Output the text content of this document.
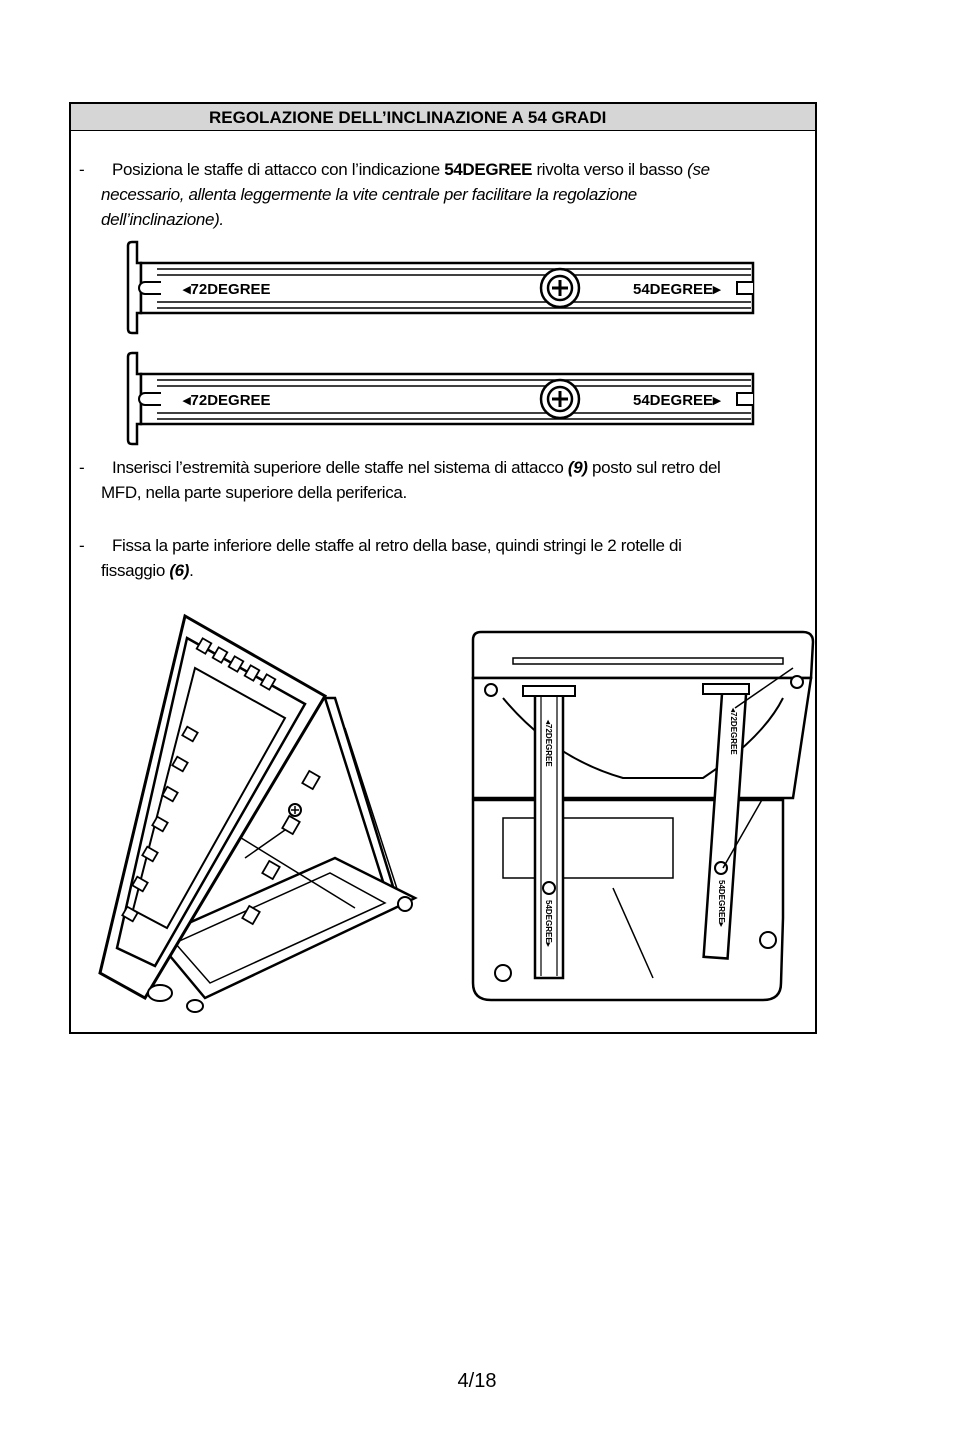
REGOLAZIONE DELL’INCLINAZIONE A 54 GRADI
- Posiziona le staffe di attacco con l’indicazione 54DEGREE rivolta verso il basso (se
necessario, allenta leggermente la vite centrale per facilitare la regolazione
dell’inclinazione).
◂72DEGREE	54DEGREE▸
◂72DEGREE	54DEGREE▸
- Inserisci l’estremità superiore delle staffe nel sistema di attacco (9) posto sul retro del
MFD, nella parte superiore della periferica.
- Fissa la parte inferiore delle staffe al retro della base, quindi stringi le 2 rotelle di
fissaggio (6).
◂72DEGREE
54DEGREE▸
◂72DEGREE
54DEGREE▸
4/18
